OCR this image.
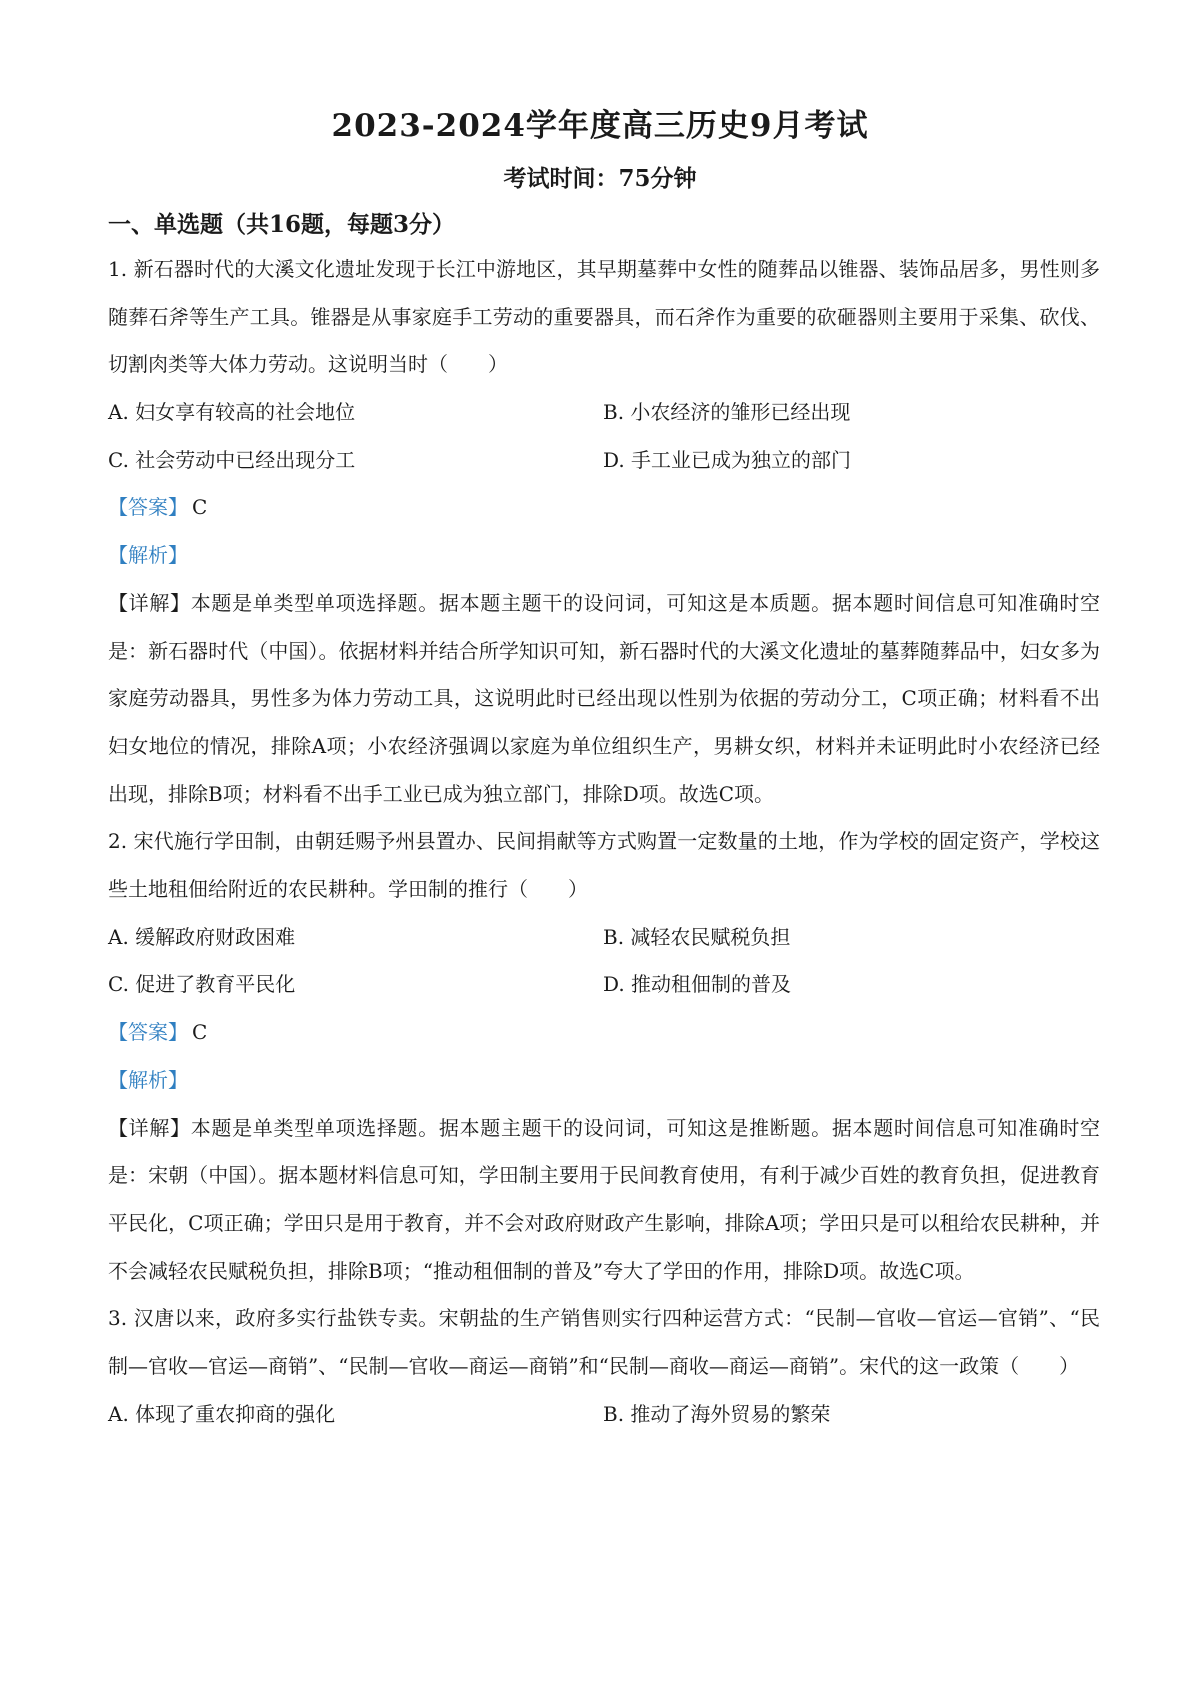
2023-2024学年度高三历史9月考试
考试时间：75分钟
一、单选题（共16题，每题3分）

1. 新石器时代的大溪文化遗址发现于长江中游地区，其早期墓葬中女性的随葬品以锥器、装饰品居多，男性则多随葬石斧等生产工具。锥器是从事家庭手工劳动的重要器具，而石斧作为重要的砍砸器则主要用于采集、砍伐、切割肉类等大体力劳动。这说明当时（　　）

A. 妇女享有较高的社会地位	B. 小农经济的雏形已经出现
C. 社会劳动中已经出现分工	D. 手工业已成为独立的部门
【答案】 C
【解析】

【详解】本题是单类型单项选择题。据本题主题干的设问词，可知这是本质题。据本题时间信息可知准确时空是：新石器时代（中国）。依据材料并结合所学知识可知，新石器时代的大溪文化遗址的墓葬随葬品中，妇女多为家庭劳动器具，男性多为体力劳动工具，这说明此时已经出现以性别为依据的劳动分工，C项正确；材料看不出妇女地位的情况，排除A项；小农经济强调以家庭为单位组织生产，男耕女织，材料并未证明此时小农经济已经出现，排除B项；材料看不出手工业已成为独立部门，排除D项。故选C项。

2. 宋代施行学田制，由朝廷赐予州县置办、民间捐献等方式购置一定数量的土地，作为学校的固定资产，学校这些土地租佃给附近的农民耕种。学田制的推行（　　）

A. 缓解政府财政困难	B. 减轻农民赋税负担
C. 促进了教育平民化	D. 推动租佃制的普及
【答案】 C
【解析】

【详解】本题是单类型单项选择题。据本题主题干的设问词，可知这是推断题。据本题时间信息可知准确时空是：宋朝（中国）。据本题材料信息可知，学田制主要用于民间教育使用，有利于减少百姓的教育负担，促进教育平民化，C项正确；学田只是用于教育，并不会对政府财政产生影响，排除A项；学田只是可以租给农民耕种，并不会减轻农民赋税负担，排除B项；“推动租佃制的普及”夸大了学田的作用，排除D项。故选C项。

3. 汉唐以来，政府多实行盐铁专卖。宋朝盐的生产销售则实行四种运营方式：“民制—官收—官运—官销”、“民制—官收—官运—商销”、“民制—官收—商运—商销”和“民制—商收—商运—商销”。宋代的这一政策（　　）

A. 体现了重农抑商的强化	B. 推动了海外贸易的繁荣
